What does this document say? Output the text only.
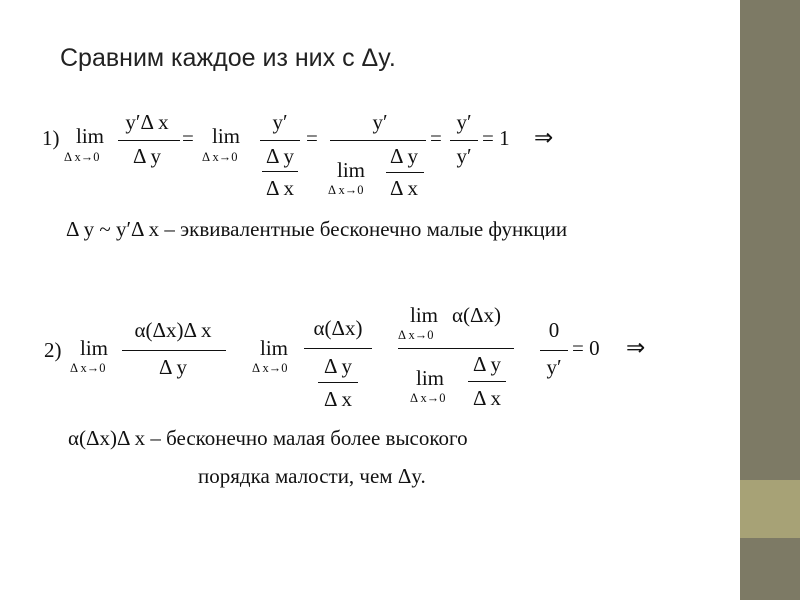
Сравним каждое из них с Δy.
1) lim
Δ x→0
y′Δ x
Δ y
= lim
Δ x→0
y′
Δ y
Δ x
=
y′
lim
Δ x→0
Δ y
Δ x
=
y′
y′
= 1 ⇒
Δ y ~ y′Δ x – эквивалентные бесконечно малые функции
2) lim
Δ x→0
α(Δx)Δ x
Δ y
lim
Δ x→0
α(Δx)
Δ y
Δ x
lim
Δ x→0
α(Δx)
lim
Δ x→0
Δ y
Δ x
0
y′
= 0 ⇒
α(Δx)Δ x – бесконечно малая более высокого
порядка малости, чем Δy.
